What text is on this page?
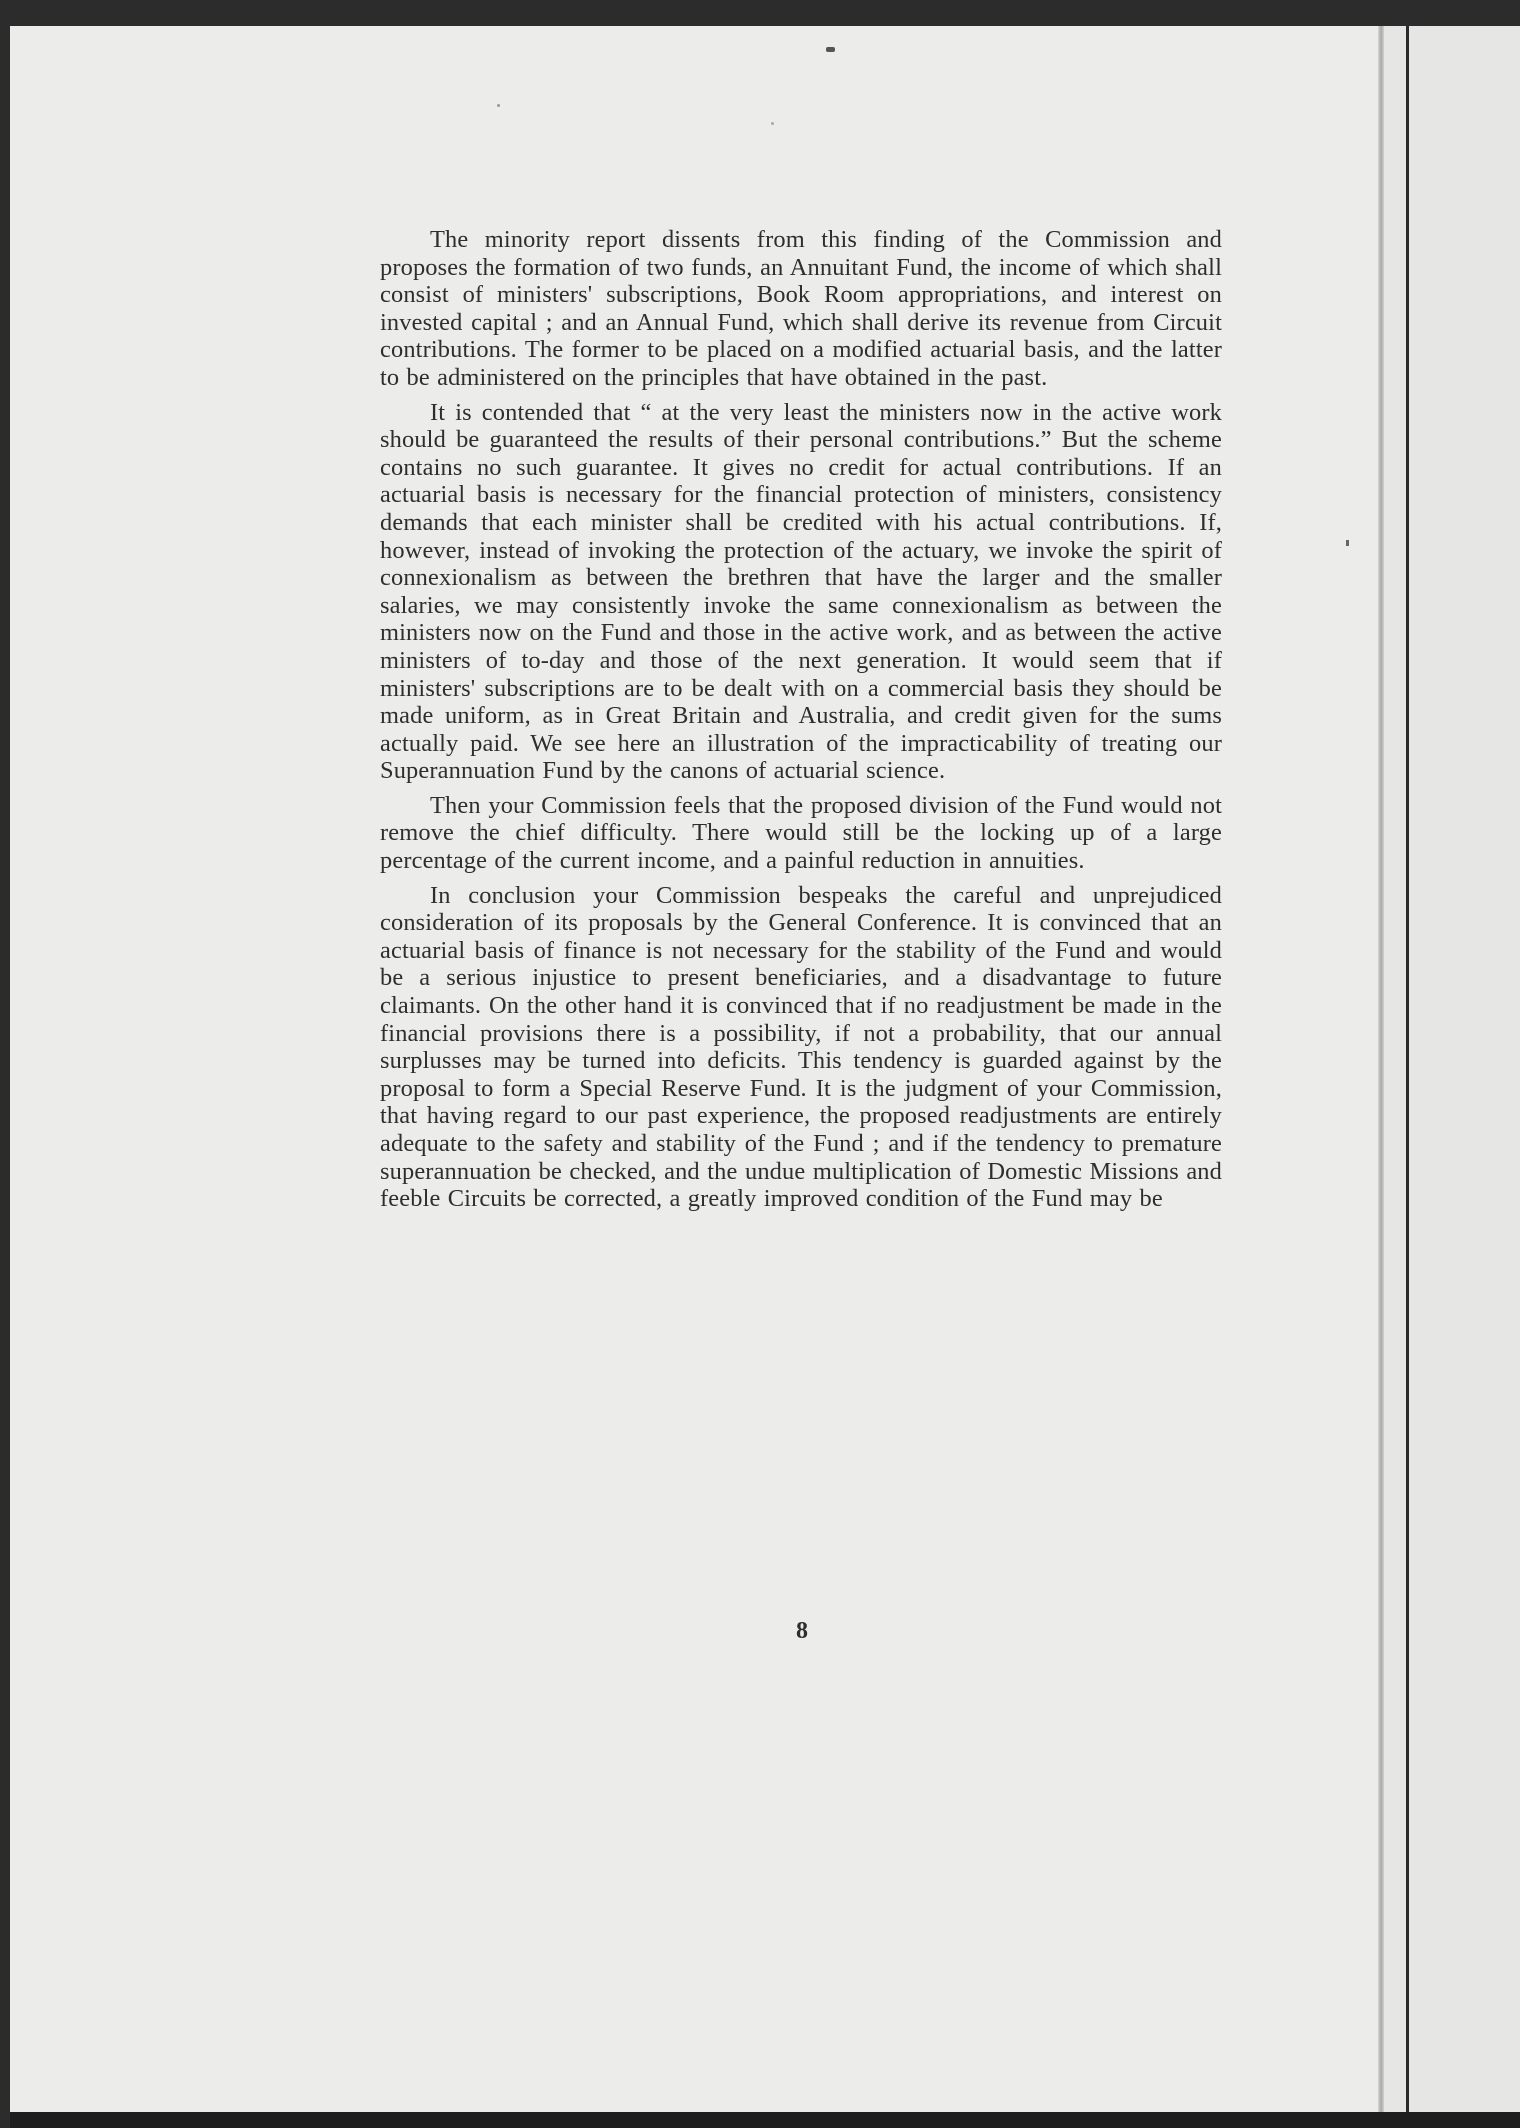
The minority report dissents from this finding of the Commission and proposes the formation of two funds, an Annuitant Fund, the income of which shall consist of ministers' subscriptions, Book Room appropriations, and interest on invested capital ; and an Annual Fund, which shall derive its revenue from Circuit contributions. The former to be placed on a modified actuarial basis, and the latter to be administered on the principles that have obtained in the past.

It is contended that “ at the very least the ministers now in the active work should be guaranteed the results of their personal contributions.” But the scheme contains no such guarantee. It gives no credit for actual contributions. If an actuarial basis is necessary for the financial protection of ministers, consistency demands that each minister shall be credited with his actual contributions. If, however, instead of invoking the protection of the actuary, we invoke the spirit of connexionalism as between the brethren that have the larger and the smaller salaries, we may consistently invoke the same connexionalism as between the ministers now on the Fund and those in the active work, and as between the active ministers of to-day and those of the next generation. It would seem that if ministers' subscriptions are to be dealt with on a commercial basis they should be made uniform, as in Great Britain and Australia, and credit given for the sums actually paid. We see here an illustration of the impracticability of treating our Superannuation Fund by the canons of actuarial science.

Then your Commission feels that the proposed division of the Fund would not remove the chief difficulty. There would still be the locking up of a large percentage of the current income, and a painful reduction in annuities.

In conclusion your Commission bespeaks the careful and unprejudiced consideration of its proposals by the General Conference. It is convinced that an actuarial basis of finance is not necessary for the stability of the Fund and would be a serious injustice to present beneficiaries, and a disadvantage to future claimants. On the other hand it is convinced that if no readjustment be made in the financial provisions there is a possibility, if not a probability, that our annual surplusses may be turned into deficits. This tendency is guarded against by the proposal to form a Special Reserve Fund. It is the judgment of your Commission, that having regard to our past experience, the proposed readjustments are entirely adequate to the safety and stability of the Fund ; and if the tendency to premature superannuation be checked, and the undue multiplication of Domestic Missions and feeble Circuits be corrected, a greatly improved condition of the Fund may be

8
